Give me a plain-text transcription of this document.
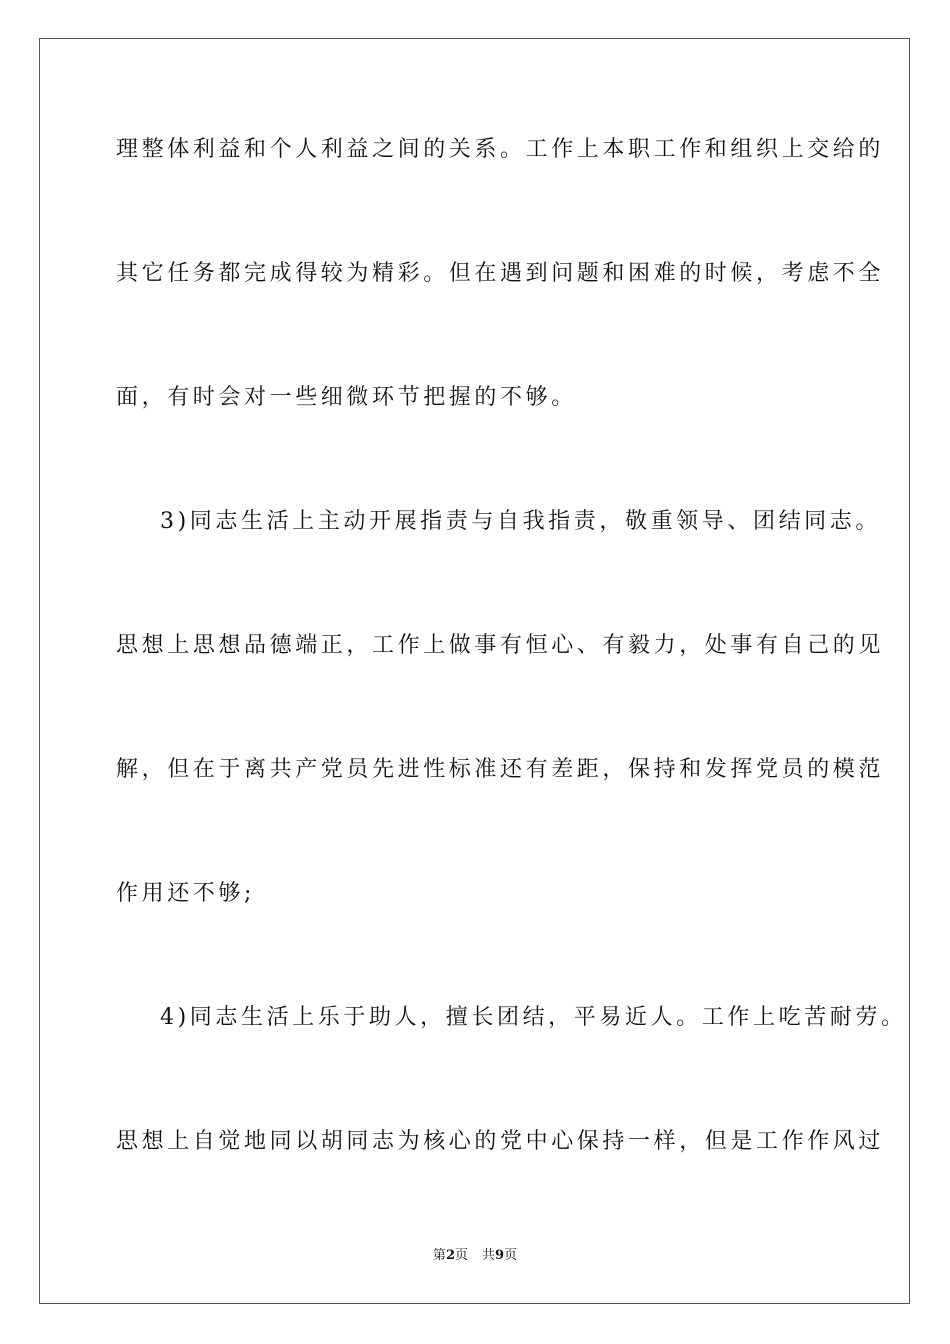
理整体利益和个人利益之间的关系。工作上本职工作和组织上交给的
其它任务都完成得较为精彩。但在遇到问题和困难的时候，考虑不全
面，有时会对一些细微环节把握的不够。
3)同志生活上主动开展指责与自我指责，敬重领导、团结同志。
思想上思想品德端正，工作上做事有恒心、有毅力，处事有自己的见
解，但在于离共产党员先进性标准还有差距，保持和发挥党员的模范
作用还不够;
4)同志生活上乐于助人，擅长团结，平易近人。工作上吃苦耐劳。
思想上自觉地同以胡同志为核心的党中心保持一样，但是工作作风过
第2页 共9页
